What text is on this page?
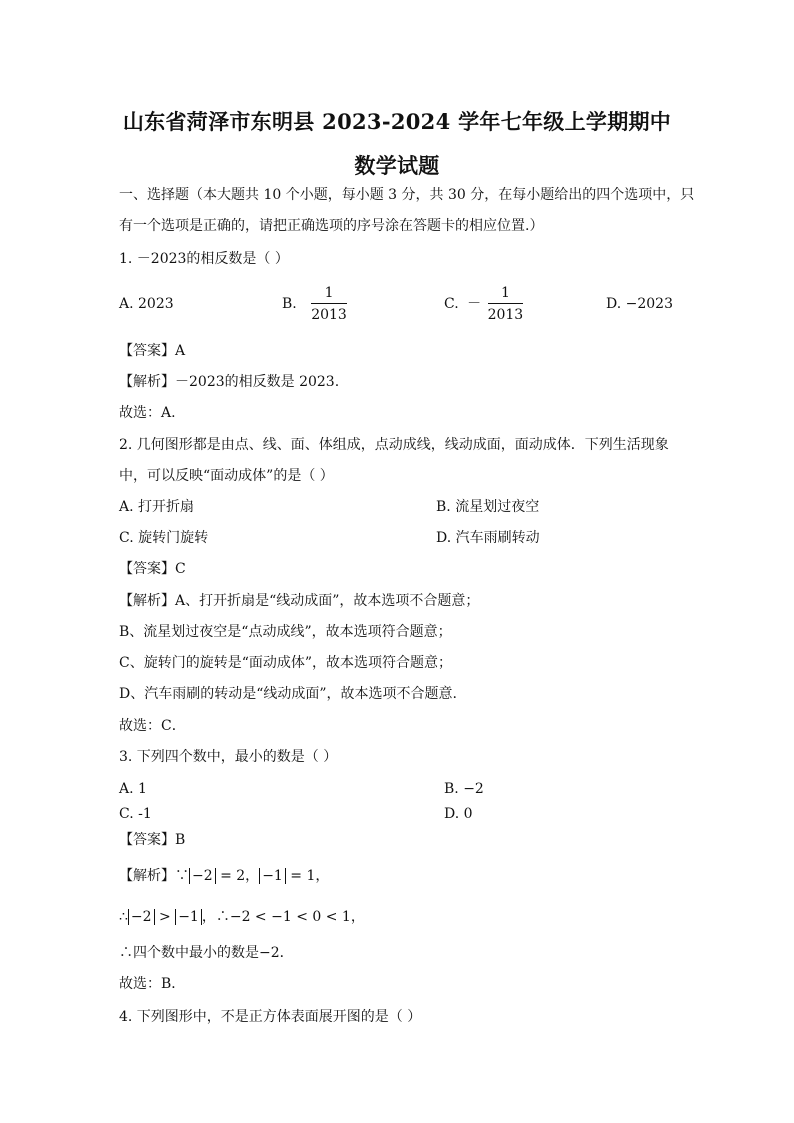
山东省菏泽市东明县 2023-2024 学年七年级上学期期中
数学试题
一、选择题（本大题共 10 个小题，每小题 3 分，共 30 分，在每小题给出的四个选项中，只
有一个选项是正确的，请把正确选项的序号涂在答题卡的相应位置.）
1. －2023的相反数是（ ）
A. 2023	B. $\frac{1}{2013}$	C. － $\frac{1}{2013}$	D. −2023
【答案】A
【解析】－2023的相反数是 2023.
故选：A.
2. 几何图形都是由点、线、面、体组成，点动成线，线动成面，面动成体．下列生活现象
中，可以反映“面动成体”的是（ ）
A. 打开折扇	B. 流星划过夜空
C. 旋转门旋转	D. 汽车雨刷转动
【答案】C
【解析】A、打开折扇是“线动成面”，故本选项不合题意；
B、流星划过夜空是“点动成线”，故本选项符合题意；
C、旋转门的旋转是“面动成体”，故本选项符合题意；
D、汽车雨刷的转动是“线动成面”，故本选项不合题意.
故选：C．
3. 下列四个数中，最小的数是（ ）
A. 1	B. −2
C. -1	D. 0
【答案】B
【解析】∵ −2 = 2， −1 = 1，
∴ −2 > −1 ，∴−2 < −1 < 0 < 1，
∴四个数中最小的数是−2．
故选：B．
4. 下列图形中，不是正方体表面展开图的是（ ）
